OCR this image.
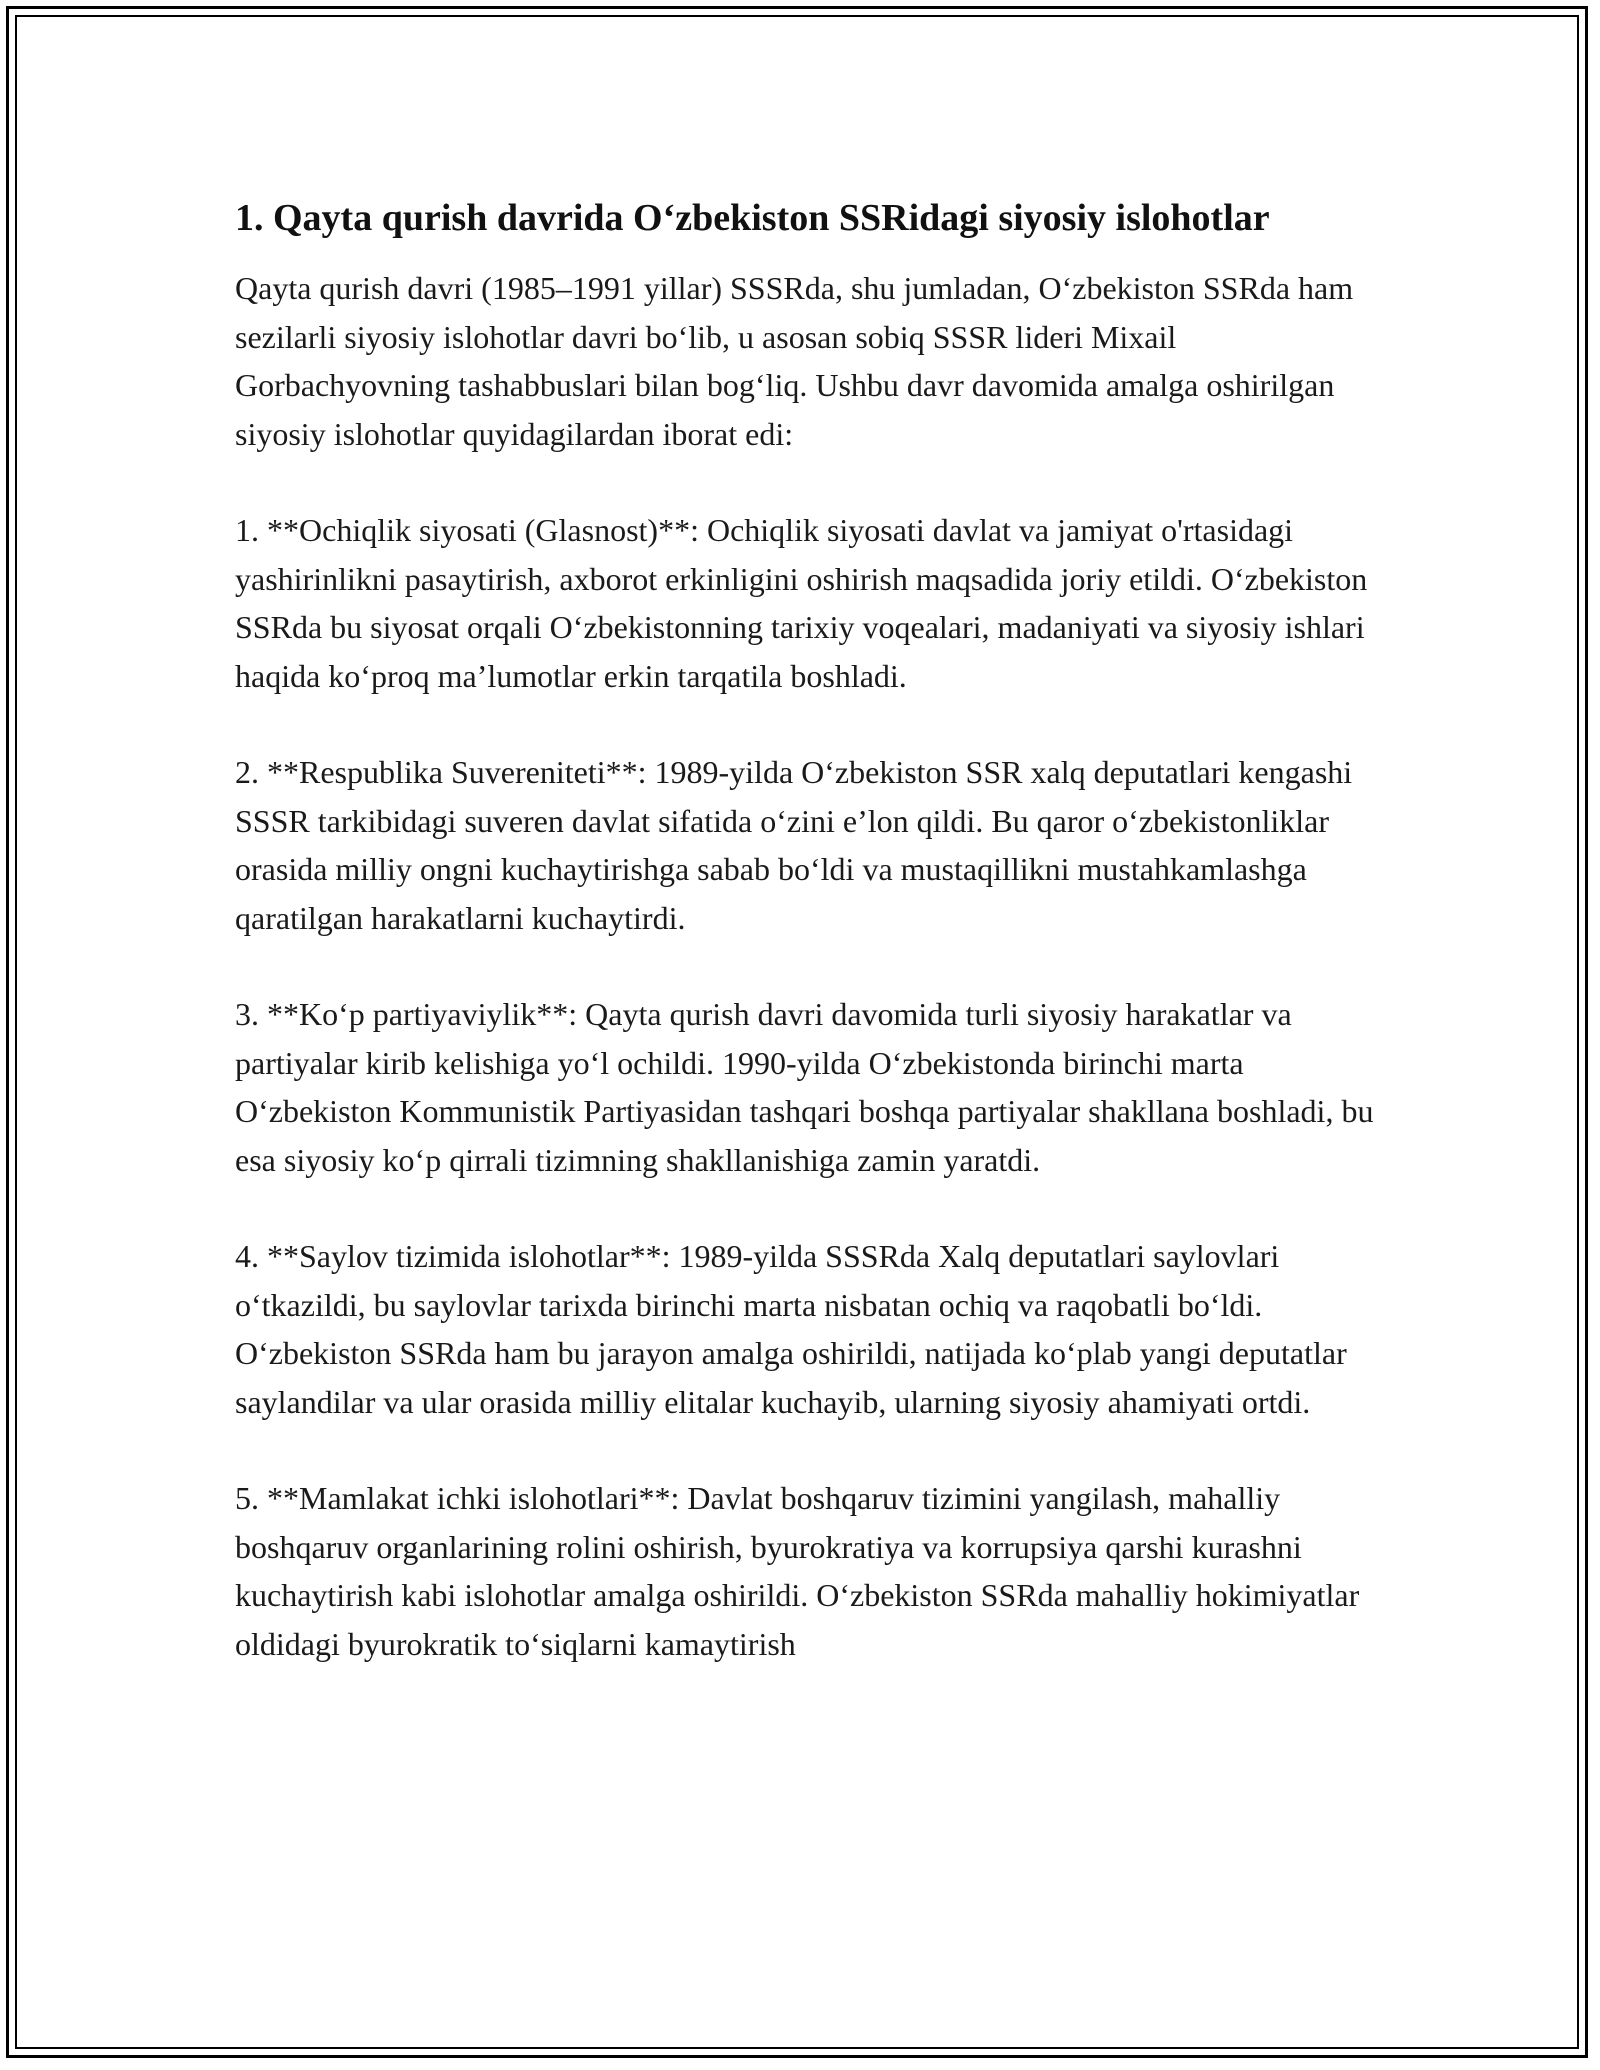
1. Qayta qurish davrida O‘zbekiston SSRidagi siyosiy islohotlar

Qayta qurish davri (1985–1991 yillar) SSSRda, shu jumladan, O‘zbekiston SSRda ham sezilarli siyosiy islohotlar davri bo‘lib, u asosan sobiq SSSR lideri Mixail Gorbachyovning tashabbuslari bilan bog‘liq. Ushbu davr davomida amalga oshirilgan siyosiy islohotlar quyidagilardan iborat edi:

1. **Ochiqlik siyosati (Glasnost)**: Ochiqlik siyosati davlat va jamiyat o'rtasidagi yashirinlikni pasaytirish, axborot erkinligini oshirish maqsadida joriy etildi. O‘zbekiston SSRda bu siyosat orqali O‘zbekistonning tarixiy voqealari, madaniyati va siyosiy ishlari haqida ko‘proq ma’lumotlar erkin tarqatila boshladi.

2. **Respublika Suvereniteti**: 1989-yilda O‘zbekiston SSR xalq deputatlari kengashi SSSR tarkibidagi suveren davlat sifatida o‘zini e’lon qildi. Bu qaror o‘zbekistonliklar orasida milliy ongni kuchaytirishga sabab bo‘ldi va mustaqillikni mustahkamlashga qaratilgan harakatlarni kuchaytirdi.

3. **Ko‘p partiyaviylik**: Qayta qurish davri davomida turli siyosiy harakatlar va partiyalar kirib kelishiga yo‘l ochildi. 1990-yilda O‘zbekistonda birinchi marta O‘zbekiston Kommunistik Partiyasidan tashqari boshqa partiyalar shakllana boshladi, bu esa siyosiy ko‘p qirrali tizimning shakllanishiga zamin yaratdi.

4. **Saylov tizimida islohotlar**: 1989-yilda SSSRda Xalq deputatlari saylovlari o‘tkazildi, bu saylovlar tarixda birinchi marta nisbatan ochiq va raqobatli bo‘ldi. O‘zbekiston SSRda ham bu jarayon amalga oshirildi, natijada ko‘plab yangi deputatlar saylandilar va ular orasida milliy elitalar kuchayib, ularning siyosiy ahamiyati ortdi.

5. **Mamlakat ichki islohotlari**: Davlat boshqaruv tizimini yangilash, mahalliy boshqaruv organlarining rolini oshirish, byurokratiya va korrupsiya qarshi kurashni kuchaytirish kabi islohotlar amalga oshirildi. O‘zbekiston SSRda mahalliy hokimiyatlar oldidagi byurokratik to‘siqlarni kamaytirish
